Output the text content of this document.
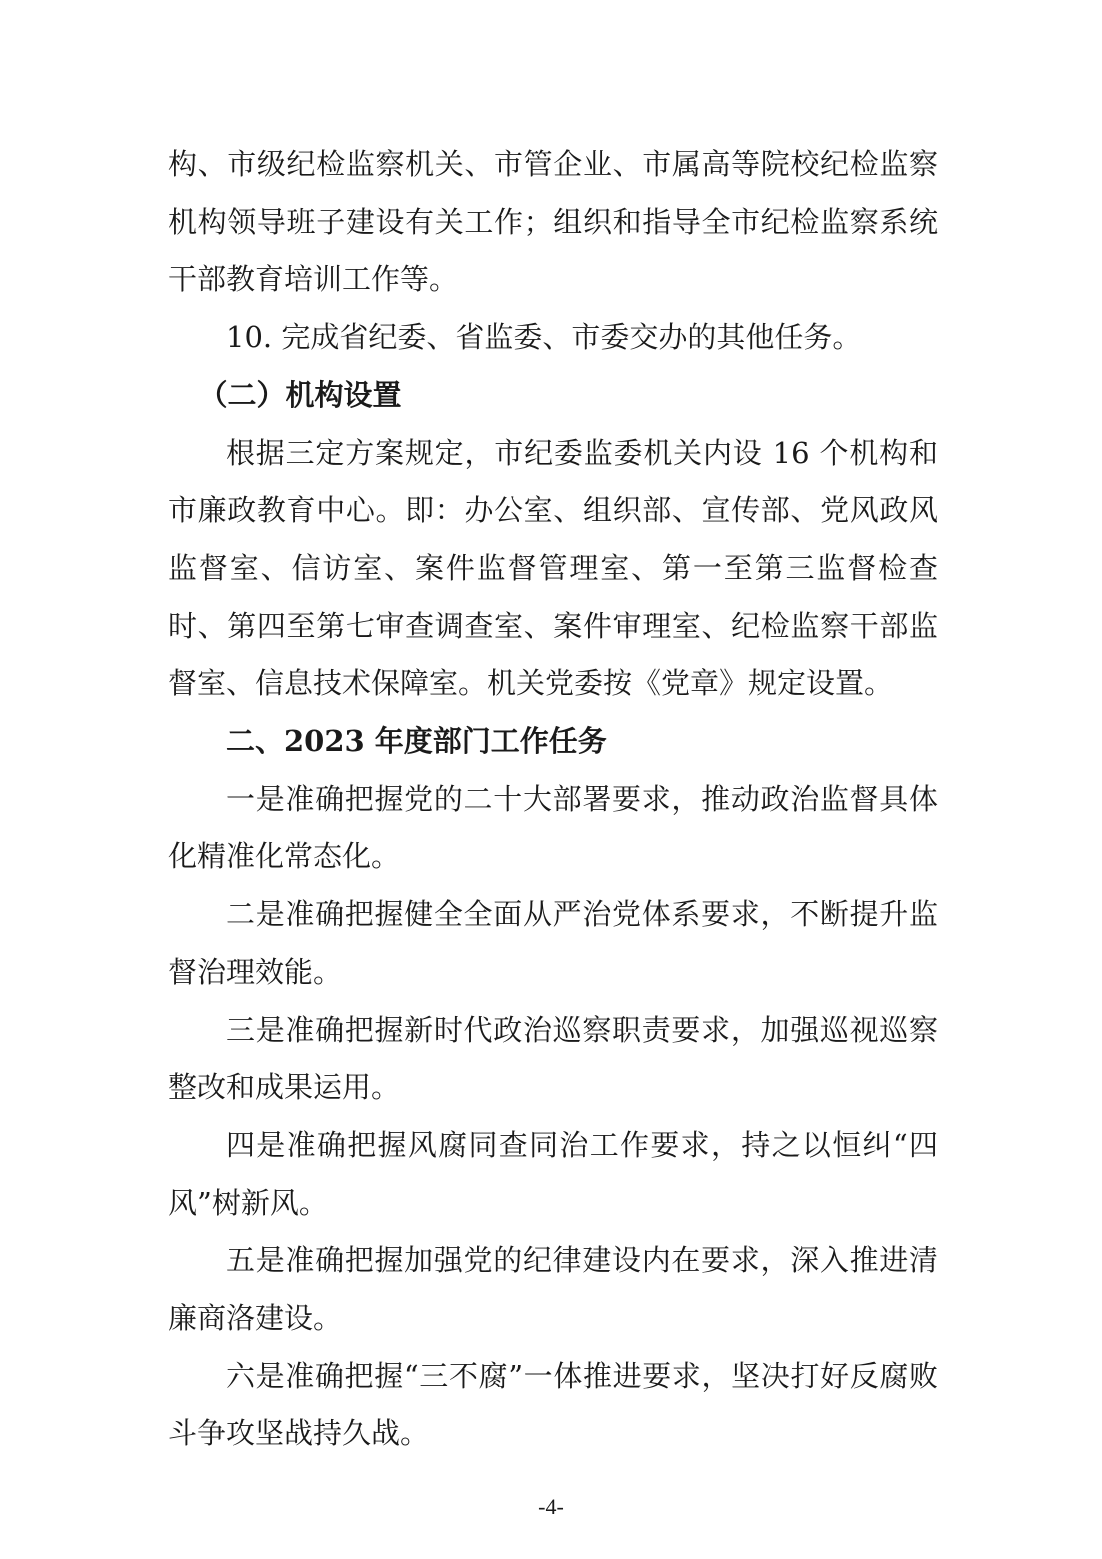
构、市级纪检监察机关、市管企业、市属高等院校纪检监察机构领导班子建设有关工作；组织和指导全市纪检监察系统干部教育培训工作等。

10. 完成省纪委、省监委、市委交办的其他任务。

（二）机构设置

根据三定方案规定，市纪委监委机关内设 16 个机构和市廉政教育中心。即：办公室、组织部、宣传部、党风政风监督室、信访室、案件监督管理室、第一至第三监督检查时、第四至第七审查调查室、案件审理室、纪检监察干部监督室、信息技术保障室。机关党委按《党章》规定设置。

二、2023 年度部门工作任务

一是准确把握党的二十大部署要求，推动政治监督具体化精准化常态化。

二是准确把握健全全面从严治党体系要求，不断提升监督治理效能。

三是准确把握新时代政治巡察职责要求，加强巡视巡察整改和成果运用。

四是准确把握风腐同查同治工作要求，持之以恒纠“四风”树新风。

五是准确把握加强党的纪律建设内在要求，深入推进清廉商洛建设。

六是准确把握“三不腐”一体推进要求，坚决打好反腐败斗争攻坚战持久战。

-4-
